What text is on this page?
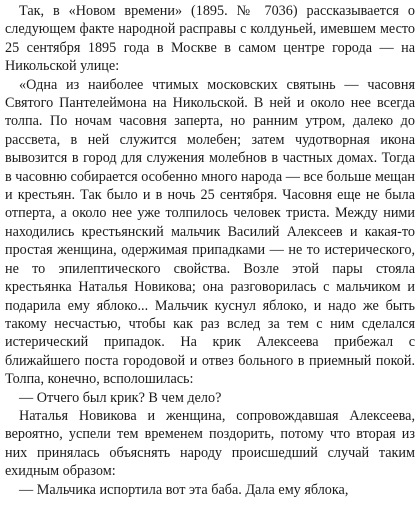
Так, в «Новом времени» (1895. № 7036) рассказывается о следующем факте народной расправы с колдуньей, имевшем место 25 сентября 1895 года в Москве в самом центре города — на Никольской улице:

«Одна из наиболее чтимых московских святынь — часовня Святого Пантелеймона на Никольской. В ней и около нее всегда толпа. По ночам часовня заперта, но ранним утром, далеко до рассвета, в ней служится молебен; затем чудотворная икона вывозится в город для служения молебнов в частных домах. Тогда в часовню собирается особенно много народа — все больше мещан и крестьян. Так было и в ночь 25 сентября. Часовня еще не была отперта, а около нее уже толпилось человек триста. Между ними находились крестьянский мальчик Василий Алексеев и какая-то простая женщина, одержимая припадками — не то истерического, не то эпилептического свойства. Возле этой пары стояла крестьянка Наталья Новикова; она разговорилась с мальчиком и подарила ему яблоко... Мальчик куснул яблоко, и надо же быть такому несчастью, чтобы как раз вслед за тем с ним сделался истерический припадок. На крик Алексеева прибежал с ближайшего поста городовой и отвез больного в приемный покой. Толпа, конечно, всполошилась:

— Отчего был крик? В чем дело?

Наталья Новикова и женщина, сопровождавшая Алексеева, вероятно, успели тем временем поздорить, потому что вторая из них принялась объяснять народу происшедший случай таким ехидным образом:

— Мальчика испортила вот эта баба. Дала ему яблока,
